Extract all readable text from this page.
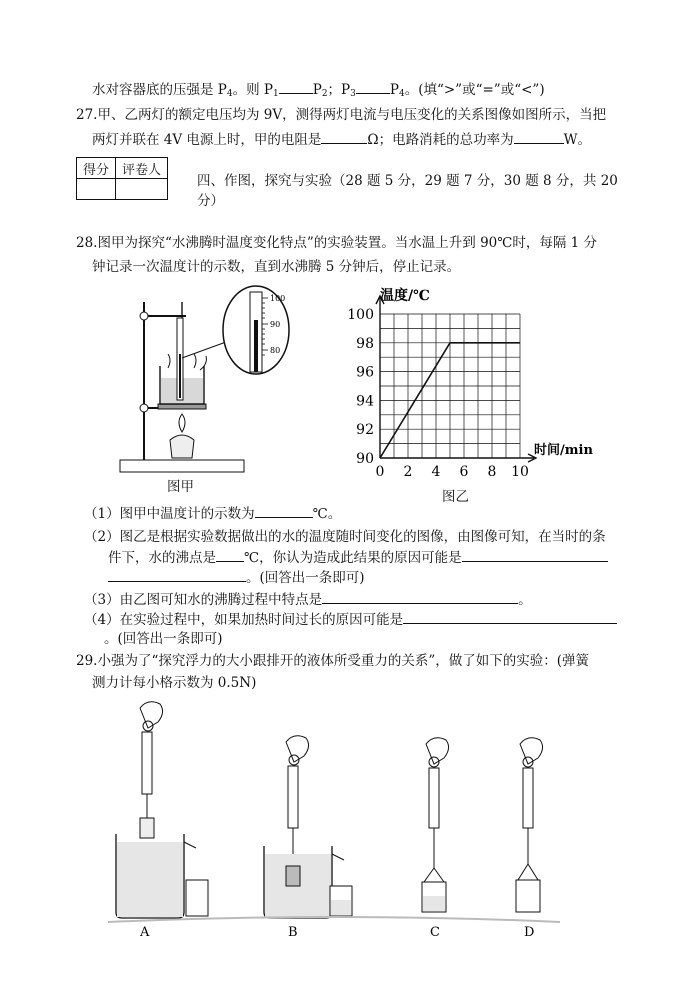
水对容器底的压强是 $P_4$。则 $P_1$	$P_2$；$P_3$	$P_4$。(填“>”或“=”或“<”)
27.甲、乙两灯的额定电压均为 9V，测得两灯电流与电压变化的关系图像如图所示，当把
两灯并联在 4V 电源上时，甲的电阻是	Ω；电路消耗的总功率为	W。
得分	评卷人

四、作图，探究与实验（28 题 5 分，29 题 7 分，30 题 8 分，共 20
分）
28.图甲为探究“水沸腾时温度变化特点”的实验装置。当水温上升到 90℃时，每隔 1 分
钟记录一次温度计的示数，直到水沸腾 5 分钟后，停止记录。
100
90
80
图甲
90
92
94
96
98
100
0 2 4 6 8 10
温度/℃
时间/min
图乙
（1）图甲中温度计的示数为	℃。
（2）图乙是根据实验数据做出的水的温度随时间变化的图像，由图像可知，在当时的条
件下，水的沸点是 ℃，你认为造成此结果的原因可能是
。(回答出一条即可)
（3）由乙图可知水的沸腾过程中特点是	。
（4）在实验过程中，如果加热时间过长的原因可能是
。(回答出一条即可)
29.小强为了“探究浮力的大小跟排开的液体所受重力的关系”，做了如下的实验：(弹簧
测力计每小格示数为 0.5N)
A	B	C	D
